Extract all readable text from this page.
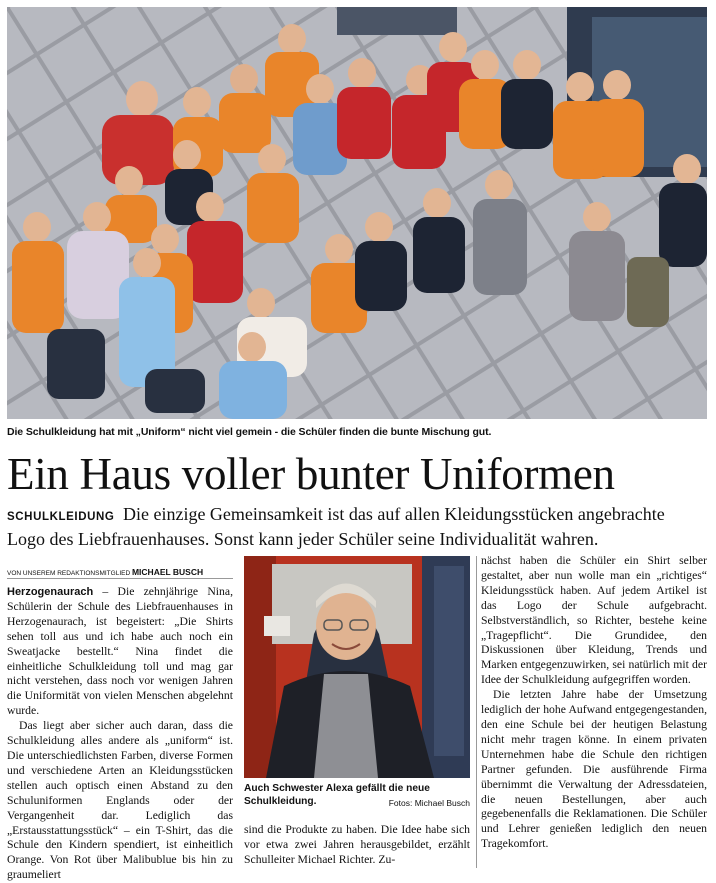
Die Schulkleidung hat mit „Uniform“ nicht viel gemein - die Schüler finden die bunte Mischung gut.
Ein Haus voller bunter Uniformen
SCHULKLEIDUNG Die einzige Gemeinsamkeit ist das auf allen Kleidungsstücken angebrachte Logo des Liebfrauenhauses. Sonst kann jeder Schüler seine Individualität wahren.
VON UNSEREM REDAKTIONSMITGLIED MICHAEL BUSCH

Herzogenaurach – Die zehnjährige Nina, Schülerin der Schule des Liebfrauenhauses in Herzogenaurach, ist begeistert: „Die Shirts sehen toll aus und ich habe auch noch ein Sweatjacke bestellt.“ Nina findet die einheitliche Schulkleidung toll und mag gar nicht verstehen, dass noch vor wenigen Jahren die Uniformität von vielen Menschen abgelehnt wurde.

Das liegt aber sicher auch daran, dass die Schulkleidung alles andere als „uniform“ ist. Die unterschiedlichsten Farben, diverse Formen und verschiedene Arten an Kleidungsstücken stellen auch optisch einen Abstand zu den Schuluniformen Englands oder der Vergangenheit dar. Lediglich das „Erstausstattungsstück“ – ein T-Shirt, das die Schule den Kindern spendiert, ist einheitlich Orange. Von Rot über Malibublue bis hin zu graumeliert

Auch Schwester Alexa gefällt die neue Schulkleidung.	Fotos: Michael Busch

sind die Produkte zu haben. Die Idee habe sich vor etwa zwei Jahren herausgebildet, erzählt Schulleiter Michael Richter. Zu-

nächst haben die Schüler ein Shirt selber gestaltet, aber nun wolle man ein „richtiges“ Kleidungsstück haben. Auf jedem Artikel ist das Logo der Schule aufgebracht. Selbstverständlich, so Richter, bestehe keine „Tragepflicht“. Die Grundidee, den Diskussionen über Kleidung, Trends und Marken entgegenzuwirken, sei natürlich mit der Idee der Schulkleidung aufgegriffen worden.

Die letzten Jahre habe der Umsetzung lediglich der hohe Aufwand entgegengestanden, den eine Schule bei der heutigen Belastung nicht mehr tragen könne. In einem privaten Unternehmen habe die Schule den richtigen Partner gefunden. Die ausführende Firma übernimmt die Verwaltung der Adressdateien, die neuen Bestellungen, aber auch gegebenenfalls die Reklamationen. Die Schüler und Lehrer genießen lediglich den neuen Tragekomfort.
